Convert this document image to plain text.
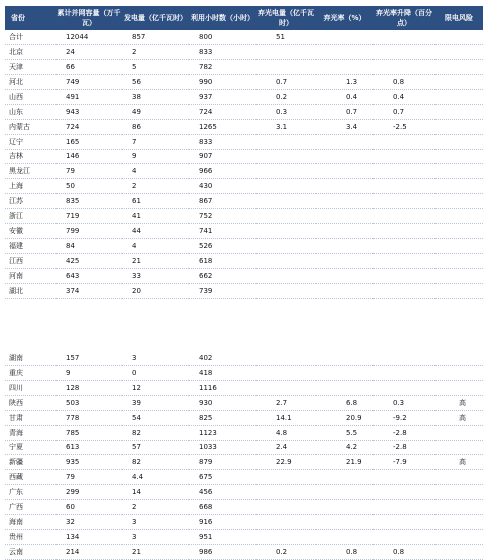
省份	累计并网容量（万千瓦）	发电量（亿千瓦时）	利用小时数（小时）	弃光电量（亿千瓦时）	弃光率（%）	弃光率升降（百分点）	限电风险
合计	12044	857	800	51			
北京	24	2	833				
天津	66	5	782				
河北	749	56	990	0.7	1.3	0.8	
山西	491	38	937	0.2	0.4	0.4	
山东	943	49	724	0.3	0.7	0.7	
内蒙古	724	86	1265	3.1	3.4	-2.5	
辽宁	165	7	833				
吉林	146	9	907				
黑龙江	79	4	966				
上海	50	2	430				
江苏	835	61	867				
浙江	719	41	752				
安徽	799	44	741				
福建	84	4	526				
江西	425	21	618				
河南	643	33	662				
湖北	374	20	739				

湖南	157	3	402				
重庆	9	0	418				
四川	128	12	1116				
陕西	503	39	930	2.7	6.8	0.3	高
甘肃	778	54	825	14.1	20.9	-9.2	高
青海	785	82	1123	4.8	5.5	-2.8	
宁夏	613	57	1033	2.4	4.2	-2.8	
新疆	935	82	879	22.9	21.9	-7.9	高
西藏	79	4.4	675				
广东	299	14	456				
广西	60	2	668				
海南	32	3	916				
贵州	134	3	951				
云南	214	21	986	0.2	0.8	0.8	
